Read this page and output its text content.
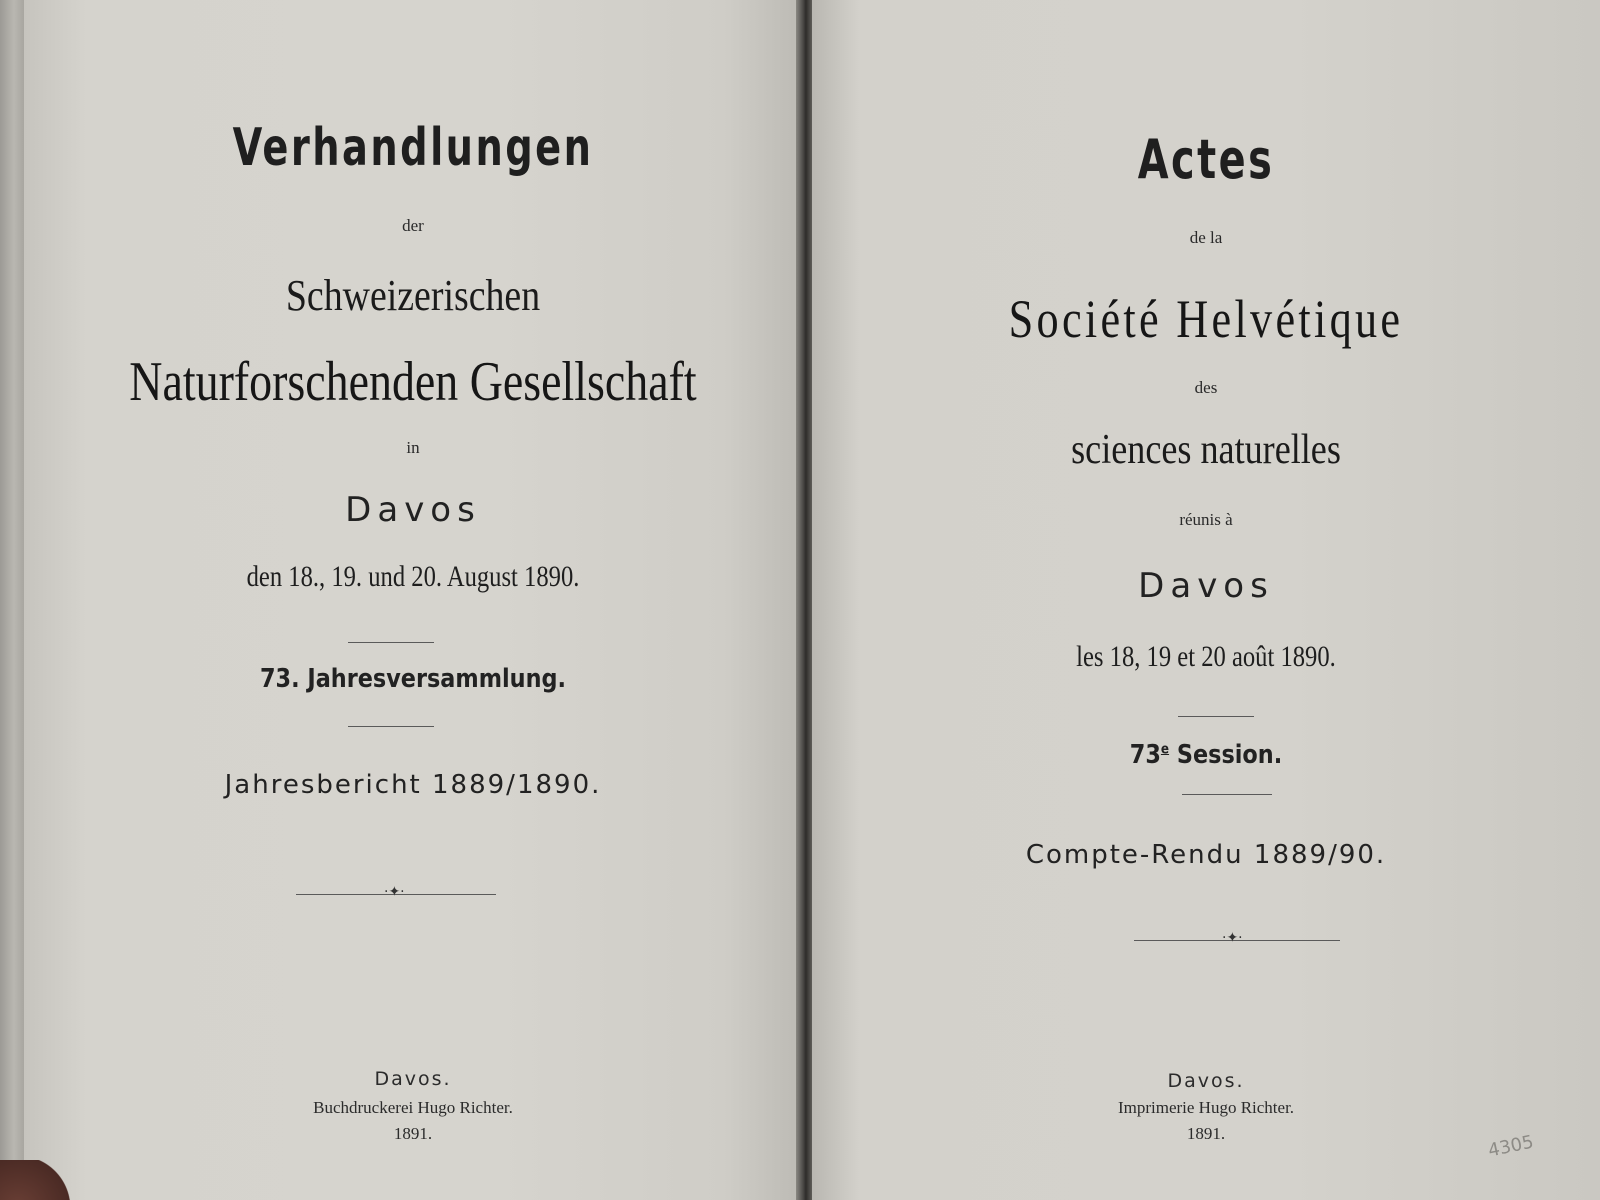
Verhandlungen
der
Schweizerischen
Naturforschenden Gesellschaft
in
Davos
den 18., 19. und 20. August 1890.
73. Jahresversammlung.
Jahresbericht 1889/1890.
·✦·
Davos.
Buchdruckerei Hugo Richter.
1891.
Actes
de la
Société Helvétique
des
sciences naturelles
réunis à
Davos
les 18, 19 et 20 août 1890.
73e Session.
Compte-Rendu 1889/90.
·✦·
Davos.
Imprimerie Hugo Richter.
1891.	4305
